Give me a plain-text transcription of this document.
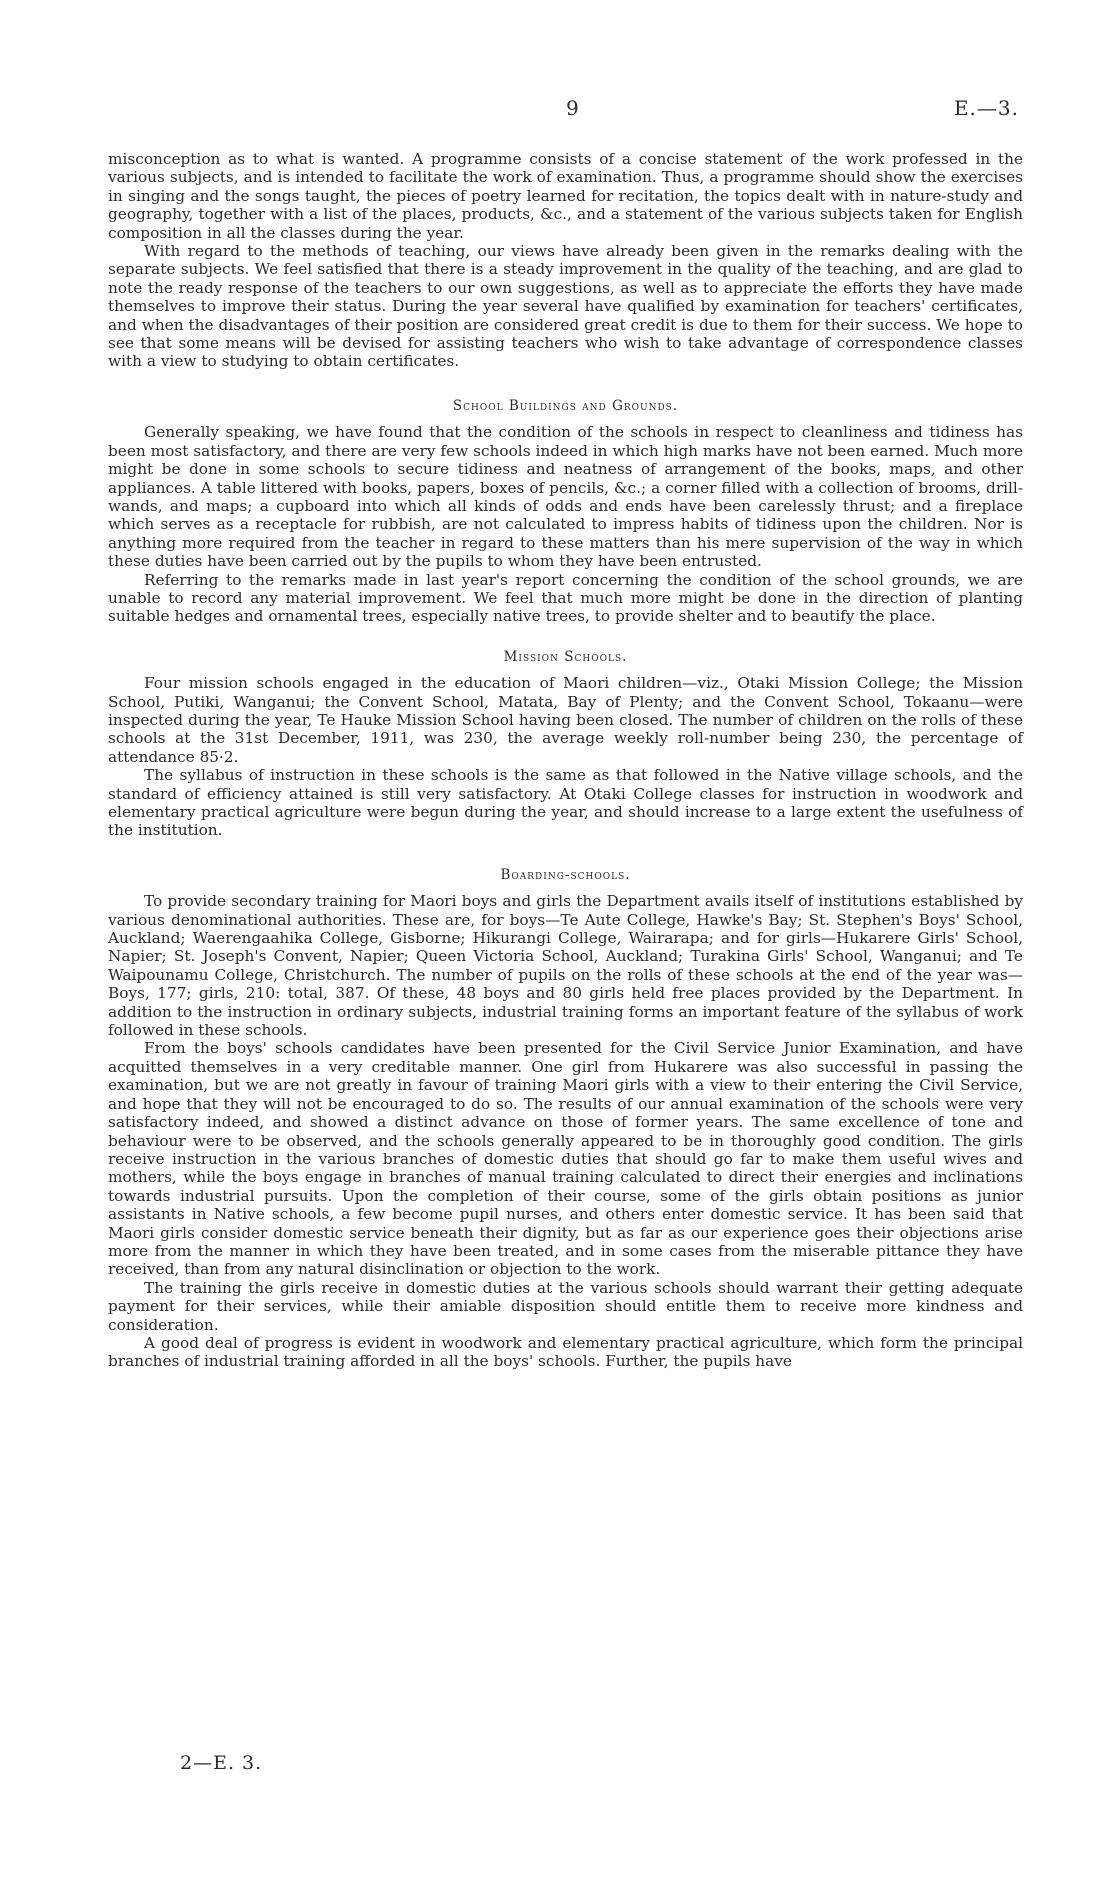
9	E.—3.

misconception as to what is wanted. A programme consists of a concise statement of the work professed in the various subjects, and is intended to facilitate the work of examination. Thus, a programme should show the exercises in singing and the songs taught, the pieces of poetry learned for recitation, the topics dealt with in nature-study and geography, together with a list of the places, products, &c., and a statement of the various subjects taken for English composition in all the classes during the year.

With regard to the methods of teaching, our views have already been given in the remarks dealing with the separate subjects. We feel satisfied that there is a steady improvement in the quality of the teaching, and are glad to note the ready response of the teachers to our own suggestions, as well as to appreciate the efforts they have made themselves to improve their status. During the year several have qualified by examination for teachers' certificates, and when the disadvantages of their position are considered great credit is due to them for their success. We hope to see that some means will be devised for assisting teachers who wish to take advantage of correspondence classes with a view to studying to obtain certificates.

School Buildings and Grounds.

Generally speaking, we have found that the condition of the schools in respect to cleanliness and tidiness has been most satisfactory, and there are very few schools indeed in which high marks have not been earned. Much more might be done in some schools to secure tidiness and neatness of arrangement of the books, maps, and other appliances. A table littered with books, papers, boxes of pencils, &c.; a corner filled with a collection of brooms, drill-wands, and maps; a cupboard into which all kinds of odds and ends have been carelessly thrust; and a fireplace which serves as a receptacle for rubbish, are not calculated to impress habits of tidiness upon the children. Nor is anything more required from the teacher in regard to these matters than his mere supervision of the way in which these duties have been carried out by the pupils to whom they have been entrusted.

Referring to the remarks made in last year's report concerning the condition of the school grounds, we are unable to record any material improvement. We feel that much more might be done in the direction of planting suitable hedges and ornamental trees, especially native trees, to provide shelter and to beautify the place.

Mission Schools.

Four mission schools engaged in the education of Maori children—viz., Otaki Mission College; the Mission School, Putiki, Wanganui; the Convent School, Matata, Bay of Plenty; and the Convent School, Tokaanu—were inspected during the year, Te Hauke Mission School having been closed. The number of children on the rolls of these schools at the 31st December, 1911, was 230, the average weekly roll-number being 230, the percentage of attendance 85·2.

The syllabus of instruction in these schools is the same as that followed in the Native village schools, and the standard of efficiency attained is still very satisfactory. At Otaki College classes for instruction in woodwork and elementary practical agriculture were begun during the year, and should increase to a large extent the usefulness of the institution.

Boarding-schools.

To provide secondary training for Maori boys and girls the Department avails itself of institutions established by various denominational authorities. These are, for boys—Te Aute College, Hawke's Bay; St. Stephen's Boys' School, Auckland; Waerengaahika College, Gisborne; Hikurangi College, Wairarapa; and for girls—Hukarere Girls' School, Napier; St. Joseph's Convent, Napier; Queen Victoria School, Auckland; Turakina Girls' School, Wanganui; and Te Waipounamu College, Christchurch. The number of pupils on the rolls of these schools at the end of the year was—Boys, 177; girls, 210: total, 387. Of these, 48 boys and 80 girls held free places provided by the Department. In addition to the instruction in ordinary subjects, industrial training forms an important feature of the syllabus of work followed in these schools.

From the boys' schools candidates have been presented for the Civil Service Junior Examination, and have acquitted themselves in a very creditable manner. One girl from Hukarere was also successful in passing the examination, but we are not greatly in favour of training Maori girls with a view to their entering the Civil Service, and hope that they will not be encouraged to do so. The results of our annual examination of the schools were very satisfactory indeed, and showed a distinct advance on those of former years. The same excellence of tone and behaviour were to be observed, and the schools generally appeared to be in thoroughly good condition. The girls receive instruction in the various branches of domestic duties that should go far to make them useful wives and mothers, while the boys engage in branches of manual training calculated to direct their energies and inclinations towards industrial pursuits. Upon the completion of their course, some of the girls obtain positions as junior assistants in Native schools, a few become pupil nurses, and others enter domestic service. It has been said that Maori girls consider domestic service beneath their dignity, but as far as our experience goes their objections arise more from the manner in which they have been treated, and in some cases from the miserable pittance they have received, than from any natural disinclination or objection to the work.

The training the girls receive in domestic duties at the various schools should warrant their getting adequate payment for their services, while their amiable disposition should entitle them to receive more kindness and consideration.

A good deal of progress is evident in woodwork and elementary practical agriculture, which form the principal branches of industrial training afforded in all the boys' schools. Further, the pupils have

2—E. 3.
